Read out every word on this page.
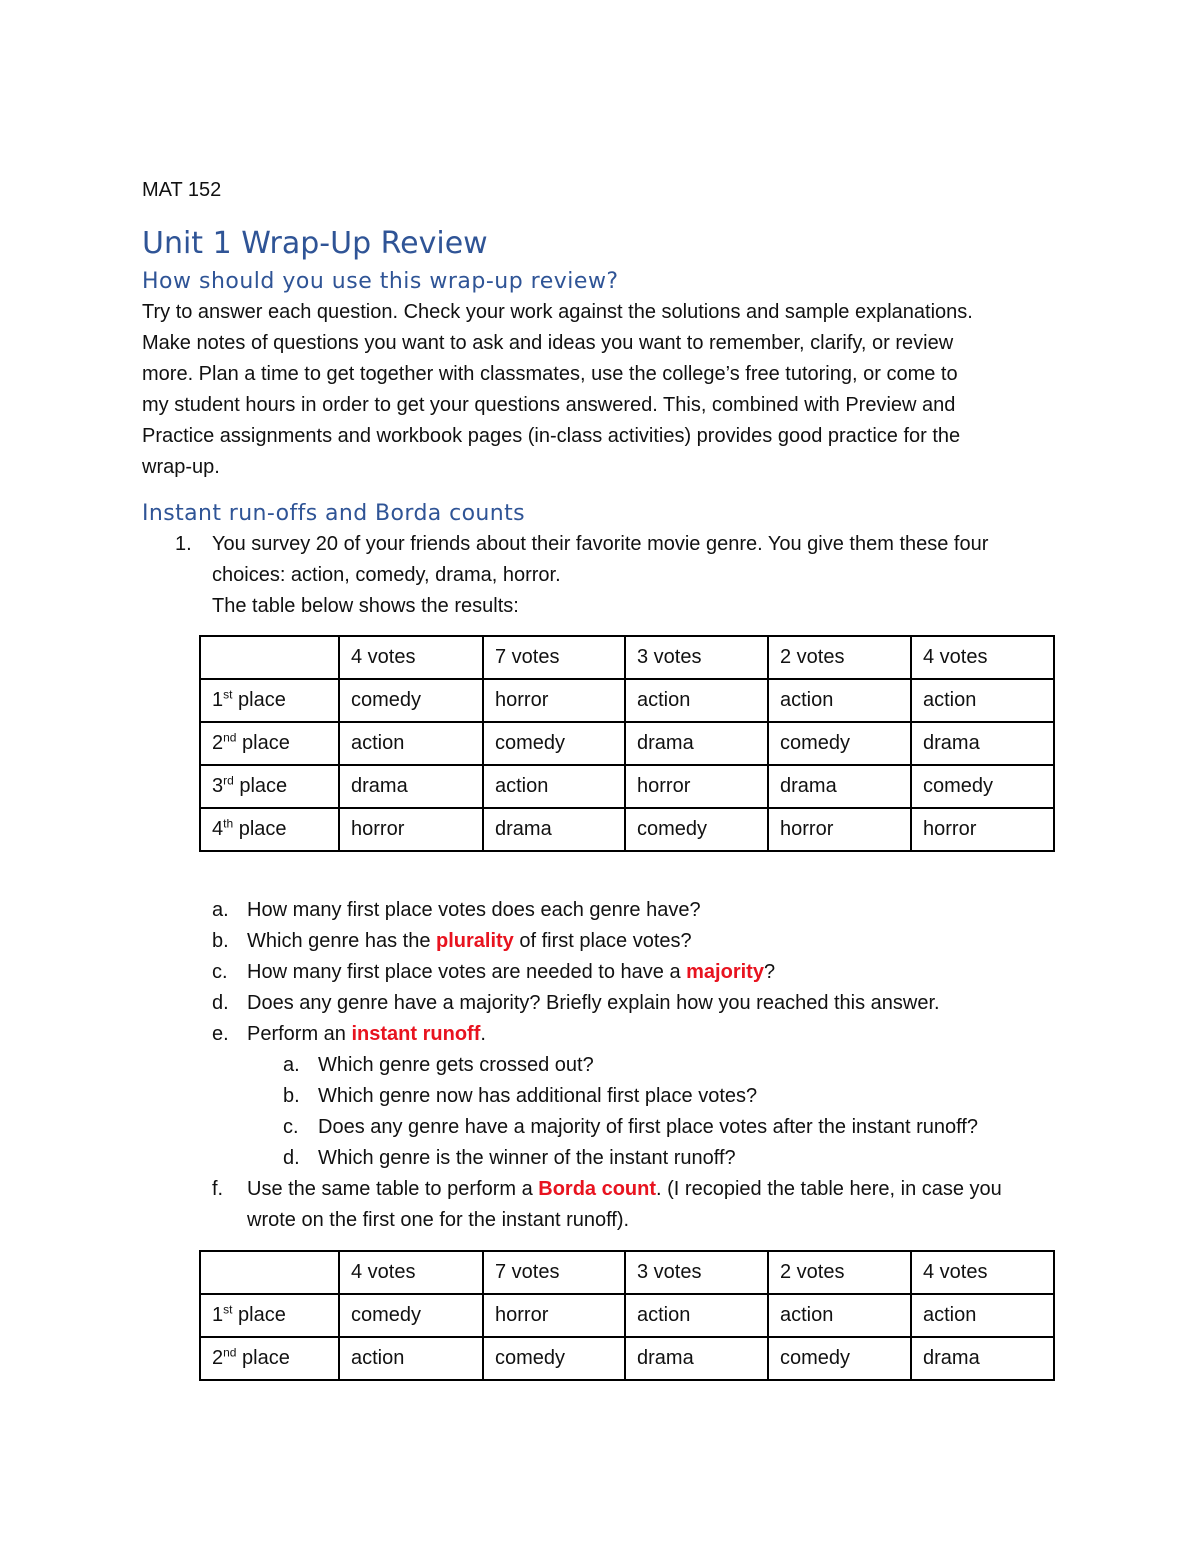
MAT 152
Unit 1 Wrap-Up Review
How should you use this wrap-up review?
Try to answer each question. Check your work against the solutions and sample explanations.
Make notes of questions you want to ask and ideas you want to remember, clarify, or review
more. Plan a time to get together with classmates, use the college’s free tutoring, or come to
my student hours in order to get your questions answered. This, combined with Preview and
Practice assignments and workbook pages (in-class activities) provides good practice for the
wrap-up.
Instant run-offs and Borda counts
1. You survey 20 of your friends about their favorite movie genre. You give them these four
choices: action, comedy, drama, horror.
The table below shows the results:
	4 votes	7 votes	3 votes	2 votes	4 votes
1st place	comedy	horror	action	action	action
2nd place	action	comedy	drama	comedy	drama
3rd place	drama	action	horror	drama	comedy
4th place	horror	drama	comedy	horror	horror
a. How many first place votes does each genre have?
b. Which genre has the plurality of first place votes?
c. How many first place votes are needed to have a majority?
d. Does any genre have a majority? Briefly explain how you reached this answer.
e. Perform an instant runoff.
a. Which genre gets crossed out?
b. Which genre now has additional first place votes?
c. Does any genre have a majority of first place votes after the instant runoff?
d. Which genre is the winner of the instant runoff?
f. Use the same table to perform a Borda count. (I recopied the table here, in case you
wrote on the first one for the instant runoff).
	4 votes	7 votes	3 votes	2 votes	4 votes
1st place	comedy	horror	action	action	action
2nd place	action	comedy	drama	comedy	drama
